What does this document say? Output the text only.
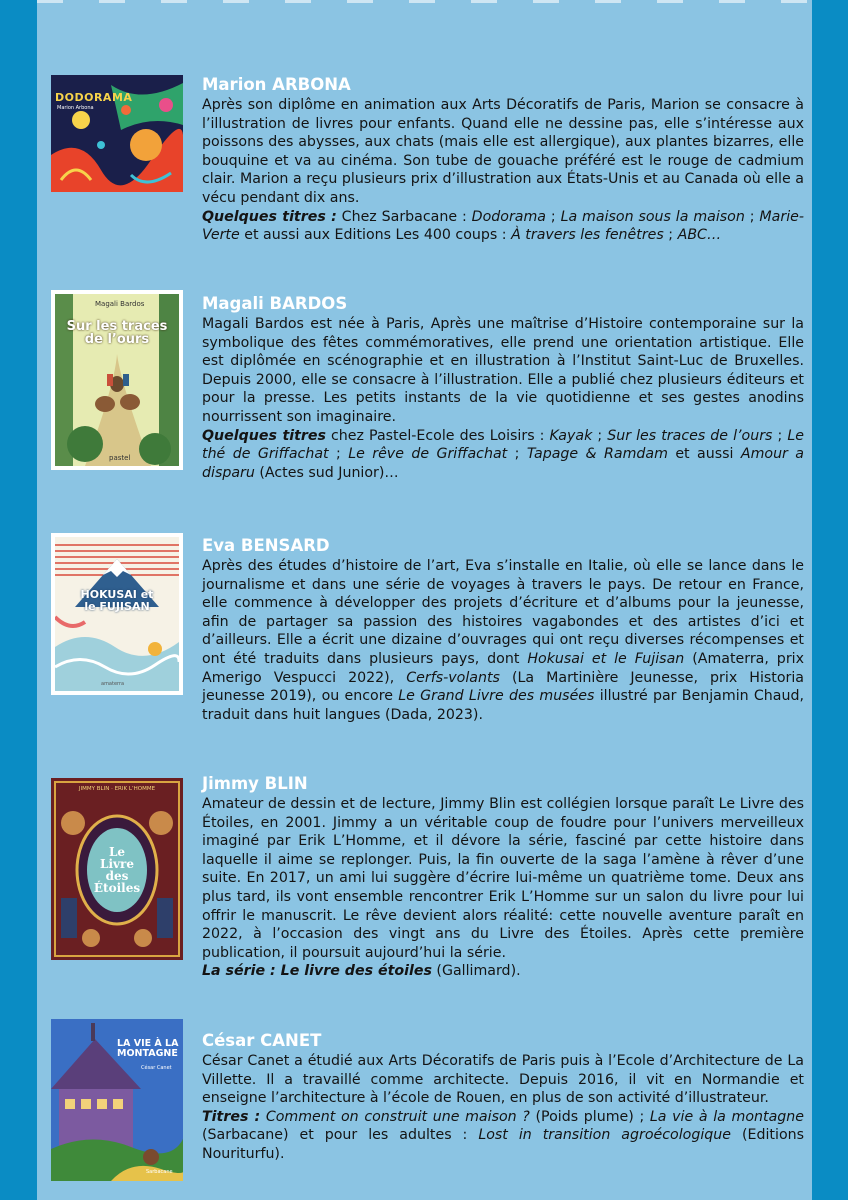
DODORAMA
Marion Arbona
Marion ARBONA
Après son diplôme en animation aux Arts Décoratifs de Paris, Marion se consacre à l’illustration de livres pour enfants. Quand elle ne dessine pas, elle s’intéresse aux poissons des abysses, aux chats (mais elle est allergique), aux plantes bizarres, elle bouquine et va au cinéma. Son tube de gouache préféré est le rouge de cadmium clair. Marion a reçu plusieurs prix d’illustration aux États-Unis et au Canada où elle a vécu pendant dix ans.
Quelques titres : Chez Sarbacane : Dodorama ; La maison sous la maison ; Marie-Verte et aussi aux Editions Les 400 coups : À travers les fenêtres ; ABC…
Magali Bardos
Sur les traces de l’ours
pastel
Magali BARDOS
Magali Bardos est née à Paris, Après une maîtrise d’Histoire contemporaine sur la symbolique des fêtes commémoratives, elle prend une orientation artistique. Elle est diplômée en scénographie et en illustration à l’Institut Saint-Luc de Bruxelles. Depuis 2000, elle se consacre à l’illustration. Elle a publié chez plusieurs éditeurs et pour la presse. Les petits instants de la vie quotidienne et ses gestes anodins nourrissent son imaginaire.
Quelques titres chez Pastel-Ecole des Loisirs : Kayak ; Sur les traces de l’ours ; Le thé de Griffachat ; Le rêve de Griffachat ; Tapage & Ramdam et aussi Amour a disparu (Actes sud Junior)…
HOKUSAI et le FUJISAN
amaterra
Eva BENSARD
Après des études d’histoire de l’art, Eva s’installe en Italie, où elle se lance dans le journalisme et dans une série de voyages à travers le pays. De retour en France, elle commence à développer des projets d’écriture et d’albums pour la jeunesse, afin de partager sa passion des histoires vagabondes et des artistes d’ici et d’ailleurs. Elle a écrit une dizaine d’ouvrages qui ont reçu diverses récompenses et ont été traduits dans plusieurs pays, dont Hokusai et le Fujisan (Amaterra, prix Amerigo Vespucci 2022), Cerfs-volants (La Martinière Jeunesse, prix Historia jeunesse 2019), ou encore Le Grand Livre des musées illustré par Benjamin Chaud, traduit dans huit langues (Dada, 2023).
JIMMY BLIN · ERIK L’HOMME
Le Livre des Étoiles
Jimmy BLIN
Amateur de dessin et de lecture, Jimmy Blin est collégien lorsque paraît Le Livre des Étoiles, en 2001. Jimmy a un véritable coup de foudre pour l’univers merveilleux imaginé par Erik L’Homme, et il dévore la série, fasciné par cette histoire dans laquelle il aime se replonger. Puis, la fin ouverte de la saga l’amène à rêver d’une suite. En 2017, un ami lui suggère d’écrire lui-même un quatrième tome. Deux ans plus tard, ils vont ensemble rencontrer Erik L’Homme sur un salon du livre pour lui offrir le manuscrit. Le rêve devient alors réalité: cette nouvelle aventure paraît en 2022, à l’occasion des vingt ans du Livre des Étoiles. Après cette première publication, il poursuit aujourd’hui la série.
La série : Le livre des étoiles (Gallimard).
LA VIE À LA MONTAGNE
César Canet
Sarbacane
César CANET
César Canet a étudié aux Arts Décoratifs de Paris puis à l’Ecole d’Architecture de La Villette. Il a travaillé comme architecte. Depuis 2016, il vit en Normandie et enseigne l’architecture à l’école de Rouen, en plus de son activité d’illustrateur.
Titres : Comment on construit une maison ? (Poids plume) ; La vie à la montagne (Sarbacane) et pour les adultes : Lost in transition agroécologique (Editions Nouriturfu).
